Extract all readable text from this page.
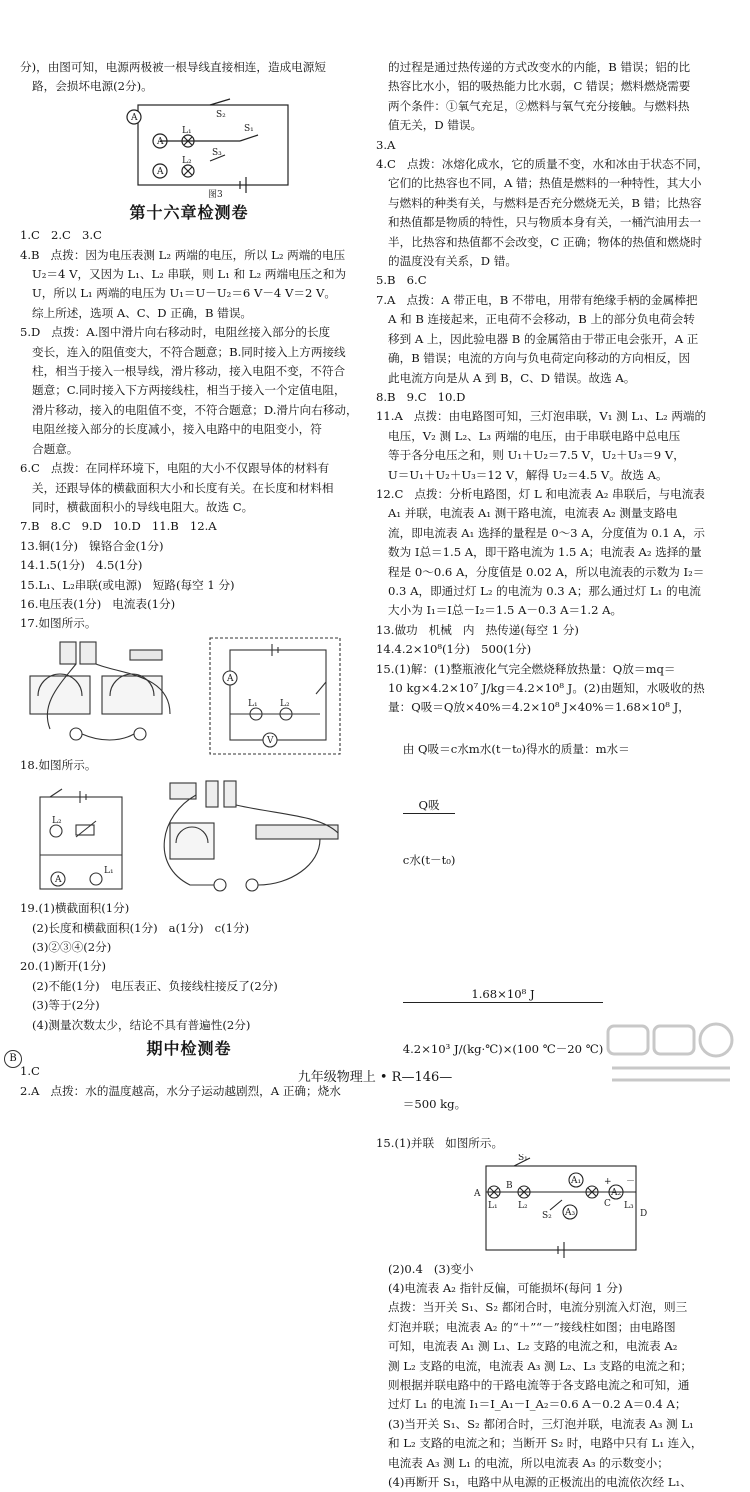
分)，由图可知，电源两极被一根导线直接相连，造成电源短

路，会损坏电源(2分)。

A
A
A
L₁
L₂
S₂
S₁
S₃
图3
第十六章检测卷

1.C   2.C   3.C

4.B   点拨：因为电压表测 L₂ 两端的电压，所以 L₂ 两端的电压

U₂＝4 V，又因为 L₁、L₂ 串联，则 L₁ 和 L₂ 两端电压之和为

U，所以 L₁ 两端的电压为 U₁＝U－U₂＝6 V－4 V＝2 V。

综上所述，选项 A、C、D 正确，B 错误。

5.D   点拨：A.图中滑片向右移动时，电阻丝接入部分的长度

变长，连入的阻值变大，不符合题意；B.同时接入上方两接线

柱，相当于接入一根导线，滑片移动，接入电阻不变，不符合

题意；C.同时接入下方两接线柱，相当于接入一个定值电阻，

滑片移动，接入的电阻值不变，不符合题意；D.滑片向右移动，

电阻丝接入部分的长度减小，接入电路中的电阻变小，符

合题意。

6.C   点拨：在同样环境下，电阻的大小不仅跟导体的材料有

关，还跟导体的横截面积大小和长度有关。在长度和材料相

同时，横截面积小的导线电阻大。故选 C。

7.B   8.C   9.D   10.D   11.B   12.A

13.铜(1分)   镍铬合金(1分)

14.1.5(1分)   4.5(1分)

15.L₁、L₂串联(或电源)   短路(每空 1 分)

16.电压表(1分)   电流表(1分)

17.如图所示。

A
V
L₁ L₂

18.如图所示。

A
L₂
L₁

19.(1)横截面积(1分)

(2)长度和横截面积(1分)   a(1分)   c(1分)

(3)②③④(2分)

20.(1)断开(1分)

(2)不能(1分)   电压表正、负接线柱接反了(2分)

(3)等于(2分)

(4)测量次数太少，结论不具有普遍性(2分)

期中检测卷

1.C

2.A   点拨：水的温度越高，水分子运动越剧烈，A 正确；烧水

的过程是通过热传递的方式改变水的内能，B 错误；铝的比

热容比水小，铝的吸热能力比水弱，C 错误；燃料燃烧需要

两个条件：①氧气充足，②燃料与氧气充分接触。与燃料热

值无关，D 错误。

3.A

4.C   点拨：冰熔化成水，它的质量不变，水和冰由于状态不同，

它们的比热容也不同，A 错；热值是燃料的一种特性，其大小

与燃料的种类有关，与燃料是否充分燃烧无关，B 错；比热容

和热值都是物质的特性，只与物质本身有关，一桶汽油用去一

半，比热容和热值都不会改变，C 正确；物体的热值和燃烧时

的温度没有关系，D 错。

5.B   6.C

7.A   点拨：A 带正电，B 不带电，用带有绝缘手柄的金属棒把

A 和 B 连接起来，正电荷不会移动，B 上的部分负电荷会转

移到 A 上，因此验电器 B 的金属箔由于带正电会张开，A 正

确，B 错误；电流的方向与负电荷定向移动的方向相反，因

此电流方向是从 A 到 B，C、D 错误。故选 A。

8.B   9.C   10.D

11.A   点拨：由电路图可知，三灯泡串联，V₁ 测 L₁、L₂ 两端的

电压，V₂ 测 L₂、L₃ 两端的电压，由于串联电路中总电压

等于各分电压之和，则 U₁＋U₂＝7.5 V，U₂＋U₃＝9 V，

U＝U₁＋U₂＋U₃＝12 V，解得 U₂＝4.5 V。故选 A。

12.C   点拨：分析电路图，灯 L 和电流表 A₂ 串联后，与电流表

A₁ 并联，电流表 A₁ 测干路电流，电流表 A₂ 测量支路电

流，即电流表 A₁ 选择的量程是 0～3 A，分度值为 0.1 A，示

数为 I总＝1.5 A，即干路电流为 1.5 A；电流表 A₂ 选择的量

程是 0～0.6 A，分度值是 0.02 A，所以电流表的示数为 I₂＝

0.3 A，即通过灯 L₂ 的电流为 0.3 A；那么通过灯 L₁ 的电流

大小为 I₁＝I总－I₂＝1.5 A－0.3 A＝1.2 A。

13.做功   机械   内   热传递(每空 1 分)

14.4.2×10⁸(1分)   500(1分)

15.(1)解：(1)整瓶液化气完全燃烧释放热量：Q放＝mq＝

10 kg×4.2×10⁷ J/kg＝4.2×10⁸ J。(2)由题知，水吸收的热

量：Q吸＝Q放×40%＝4.2×10⁸ J×40%＝1.68×10⁸ J，

由 Q吸＝c水m水(t－t₀)得水的质量：m水＝

$\frac{\text{Q吸}}{\text{c水(t－t₀)}}$

$\frac{\text{1.68×10⁸ J}}{\text{4.2×10³ J/(kg·℃)×(100 ℃－20 ℃)}}$

＝500 kg。

15.(1)并联   如图所示。

S₁
S₂
A
B
C
D
L₁ L₂	L₃
A₁
A₂
A₃
+ －

(2)0.4   (3)变小

(4)电流表 A₂ 指针反偏，可能损坏(每问 1 分)

点拨：当开关 S₁、S₂ 都闭合时，电流分别流入灯泡，则三

灯泡并联；电流表 A₂ 的“＋”“－”接线柱如图；由电路图

可知，电流表 A₁ 测 L₁、L₂ 支路的电流之和，电流表 A₂

测 L₂ 支路的电流，电流表 A₃ 测 L₂、L₃ 支路的电流之和；

则根据并联电路中的干路电流等于各支路电流之和可知，通

过灯 L₁ 的电流 I₁＝I_A₁－I_A₂＝0.6 A－0.2 A＝0.4 A；

(3)当开关 S₁、S₂ 都闭合时，三灯泡并联，电流表 A₃ 测 L₁

和 L₂ 支路的电流之和；当断开 S₂ 时，电路中只有 L₁ 连入，

电流表 A₃ 测 L₁ 的电流，所以电流表 A₃ 的示数变小；

(4)再断开 S₁，电路中从电源的正极流出的电流依次经 L₁、

B
九年级物理上 • R—146—
